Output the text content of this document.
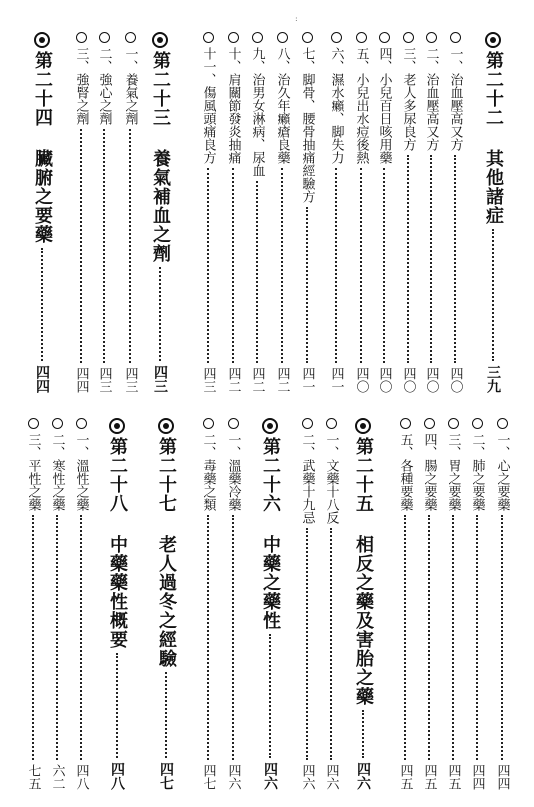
:
第二十二 其他諸症
三九
一、治血壓高又方
四〇
二、治血壓高又方
四〇
三、老人多尿良方
四〇
四、小兒百日咳用藥
四〇
五、小兒出水痘後熱
四〇
六、濕水癩、脚失力
四一
七、脚骨、腰骨抽痛經驗方
四一
八、治久年癩瘡良藥
四二
九、治男女淋病、尿血
四二
十、肩關節發炎抽痛
四二
十一、傷風頭痛良方
四三
第二十三 養氣補血之劑
四三
一、養氣之劑
四三
二、強心之劑
四三
三、強腎之劑
四四
第二十四 臟腑之要藥
四四
一、心之要藥
四四
二、肺之要藥
四四
三、胃之要藥
四五
四、腸之要藥
四五
五、各種要藥
四五
第二十五 相反之藥及害胎之藥
四六
一、文藥十八反
四六
二、武藥十九忌
四六
第二十六 中藥之藥性
四六
一、溫藥冷藥
四六
二、毒藥之類
四七
第二十七 老人過冬之經驗
四七
第二十八 中藥藥性概要
四八
一、溫性之藥
四八
二、寒性之藥
六二
三、平性之藥
七五
